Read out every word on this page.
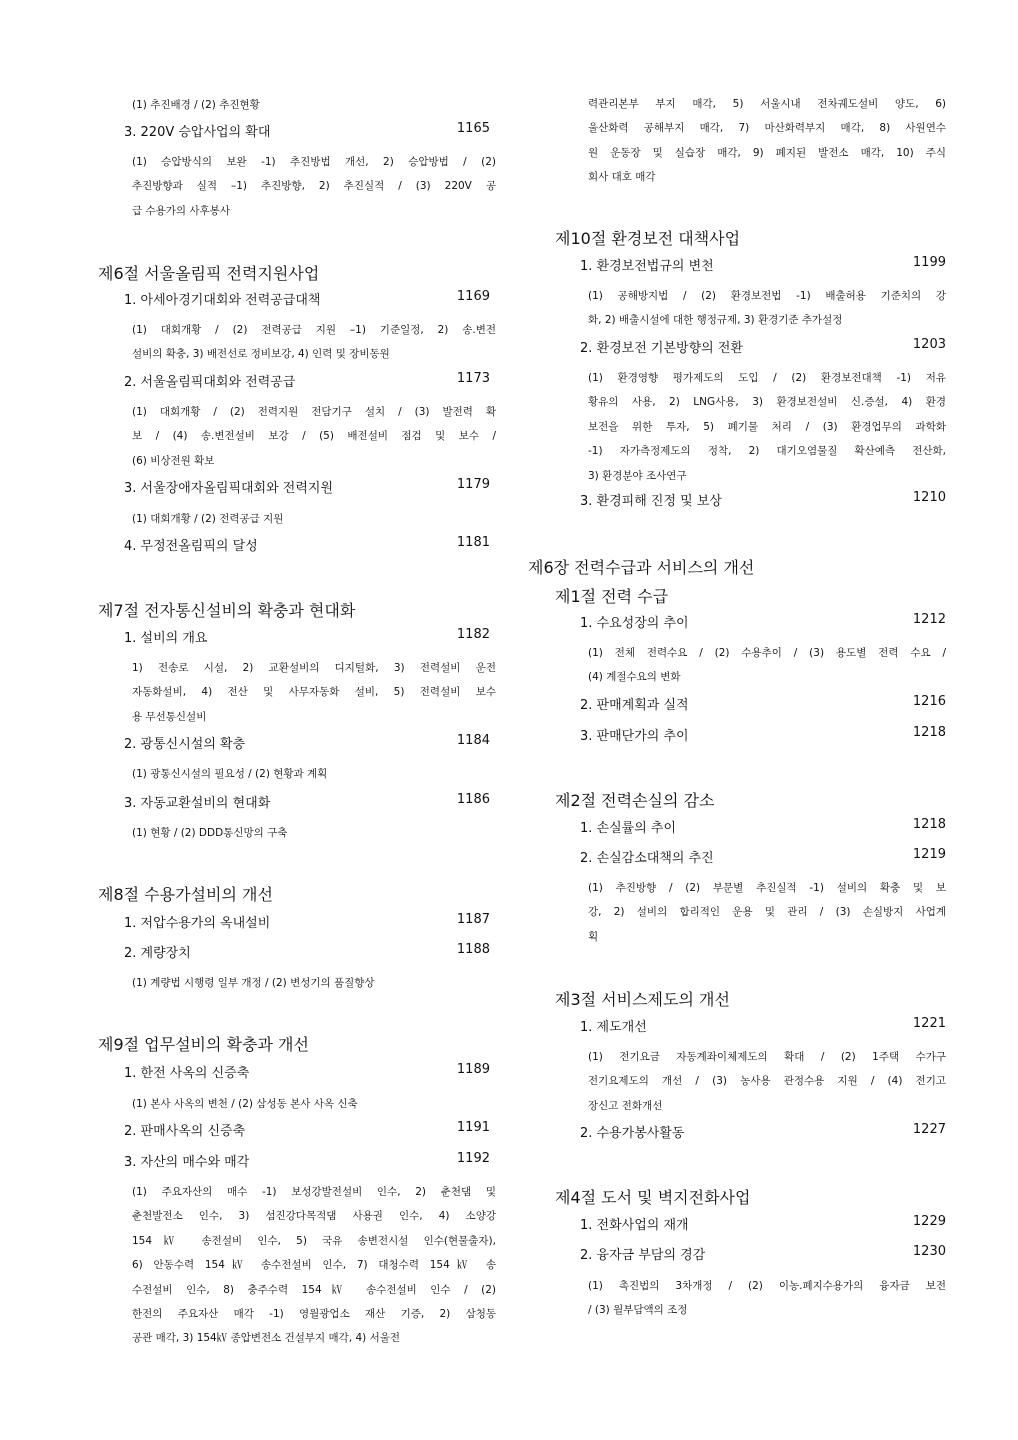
(1) 추진배경 / (2) 추진현황
3. 220V 승압사업의 확대	1165
(1) 승압방식의 보완 -1) 추진방법 개선, 2) 승압방법 / (2)
추진방향과 실적 –1) 추진방향, 2) 추진실적 / (3) 220V 공
급 수용가의 사후봉사
제6절 서울올림픽 전력지원사업
1. 아세아경기대회와 전력공급대책	1169
(1) 대회개황 / (2) 전력공급 지원 –1) 기준일정, 2) 송.변전
설비의 확충, 3) 배전선로 정비보강, 4) 인력 및 장비동원
2. 서울올림픽대회와 전력공급	1173
(1) 대회개황 / (2) 전력지원 전담기구 설치 / (3) 발전력 확
보 / (4) 송.변전설비 보강 / (5) 배전설비 점검 및 보수 /
(6) 비상전원 확보
3. 서울장애자올림픽대회와 전력지원	1179
(1) 대회개황 / (2) 전력공급 지원
4. 무정전올림픽의 달성	1181
제7절 전자통신설비의 확충과 현대화
1. 설비의 개요	1182
1) 전송로 시설, 2) 교환설비의 디지털화, 3) 전력설비 운전
자동화설비, 4) 전산 및 사무자동화 설비, 5) 전력설비 보수
용 무선통신설비
2. 광통신시설의 확충	1184
(1) 광통신시설의 필요성 / (2) 현황과 계획
3. 자동교환설비의 현대화	1186
(1) 현황 / (2) DDD통신망의 구축
제8절 수용가설비의 개선
1. 저압수용가의 옥내설비	1187
2. 계량장치	1188
(1) 계량법 시행령 일부 개정 / (2) 변성기의 품질향상
제9절 업무설비의 확충과 개선
1. 한전 사옥의 신증축	1189
(1) 본사 사옥의 변천 / (2) 삼성동 본사 사옥 신축
2. 판매사옥의 신증축	1191
3. 자산의 매수와 매각	1192
(1) 주요자산의 매수 -1) 보성강발전설비 인수, 2) 춘천댐 및
춘천발전소 인수, 3) 섬진강다목적댐 사용권 인수, 4) 소양강
154㎸ 송전설비 인수, 5) 국유 송변전시설 인수(현물출자),
6) 안동수력 154㎸ 송수전설비 인수, 7) 대청수력 154㎸ 송
수전설비 인수, 8) 충주수력 154㎸ 송수전설비 인수 / (2)
한전의 주요자산 매각 -1) 영월광업소 재산 기증, 2) 삼청동
공관 매각, 3) 154㎸ 종압변전소 건설부지 매각, 4) 서울전
력관리본부 부지 매각, 5) 서울시내 전차궤도설비 양도, 6)
울산화력 공해부지 매각, 7) 마산화력부지 매각, 8) 사원연수
원 운동장 및 실습장 매각, 9) 폐지된 발전소 매각, 10) 주식
회사 대호 매각
제10절 환경보전 대책사업
1. 환경보전법규의 변천	1199
(1) 공해방지법 / (2) 환경보전법 -1) 배출허용 기준치의 강
화, 2) 배출시설에 대한 행정규제, 3) 환경기준 추가설정
2. 환경보전 기본방향의 전환	1203
(1) 환경영향 평가제도의 도입 / (2) 환경보전대책 -1) 저유
황유의 사용, 2) LNG사용, 3) 환경보전설비 신.증설, 4) 환경
보전을 위한 투자, 5) 폐기물 처리 / (3) 환경업무의 과학화
-1) 자가측정제도의 정착, 2) 대기오염물질 확산예측 전산화,
3) 환경분야 조사연구
3. 환경피해 진정 및 보상	1210
제6장 전력수급과 서비스의 개선
제1절 전력 수급
1. 수요성장의 추이	1212
(1) 전체 전력수요 / (2) 수용추이 / (3) 용도별 전력 수요 /
(4) 계절수요의 변화
2. 판매계획과 실적	1216
3. 판매단가의 추이	1218
제2절 전력손실의 감소
1. 손실률의 추이	1218
2. 손실감소대책의 추진	1219
(1) 추진방향 / (2) 부문별 추진실적 -1) 설비의 확충 및 보
강, 2) 설비의 합리적인 운용 및 관리 / (3) 손실방지 사업계
획
제3절 서비스제도의 개선
1. 제도개선	1221
(1) 전기요금 자동계좌이체제도의 확대 / (2) 1주택 수가구
전기요제도의 개선 / (3) 농사용 관정수용 지원 / (4) 전기고
장신고 전화개선
2. 수용가봉사활동	1227
제4절 도서 및 벽지전화사업
1. 전화사업의 재개	1229
2. 융자금 부담의 경감	1230
(1) 촉진법의 3차개정 / (2) 이농.폐지수용가의 융자금 보전
/ (3) 월부담액의 조정
